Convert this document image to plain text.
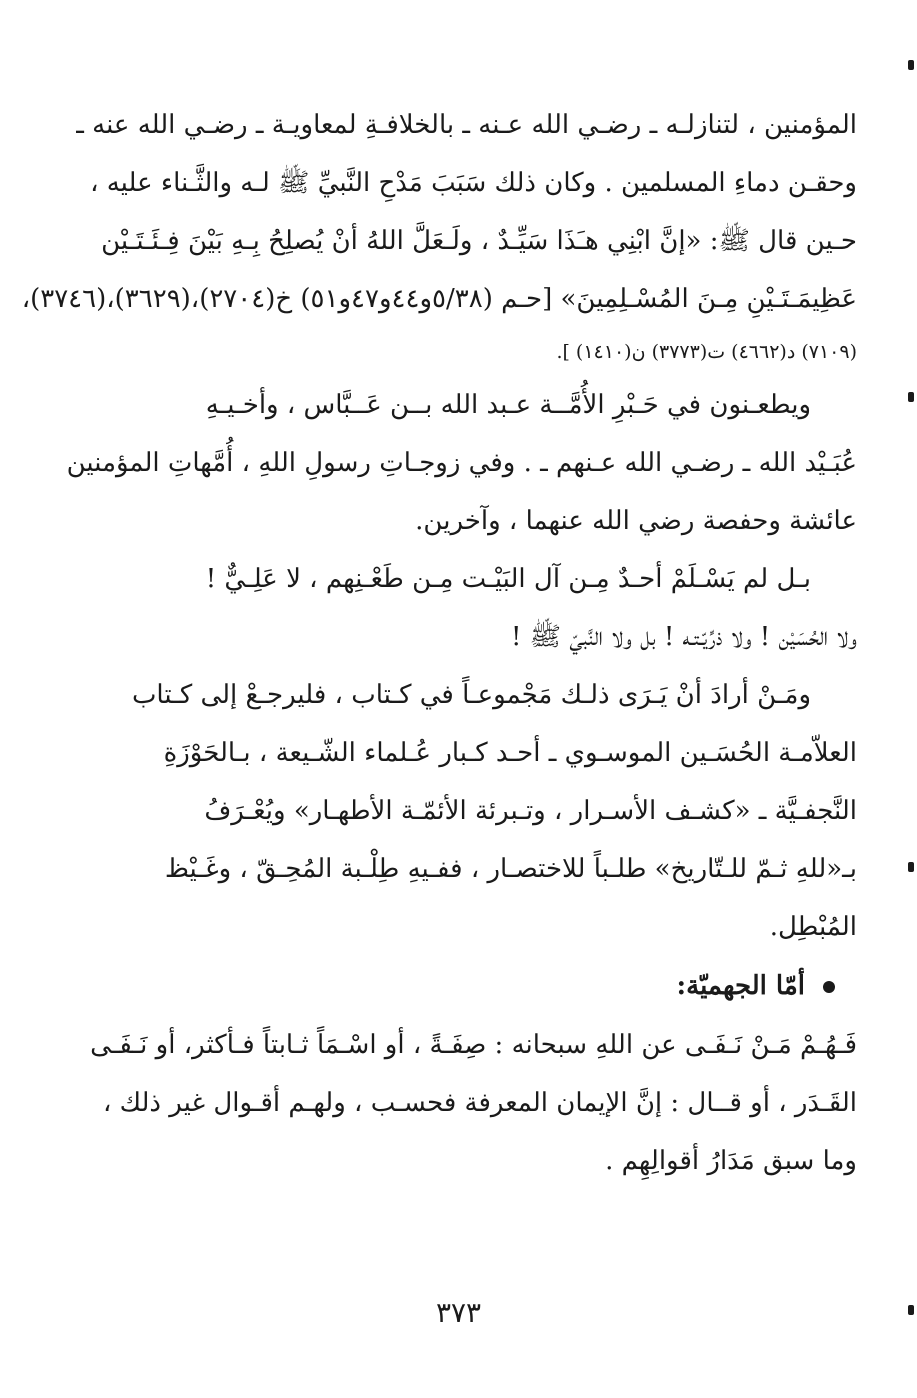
المؤمنين ، لتنازلـه ـ رضـي الله عـنه ـ بالخلافـةِ لمعاويـة ـ رضـي الله عنه ـ
وحقـن دماءِ المسلمين . وكان ذلك سَبَبَ مَدْحِ النَّبيِّ ﷺ لـه والثَّـناء عليه ،
حـين قال ﷺ: «إنَّ ابْنِي هـَذَا سَيِّـدٌ ، ولَـعَلَّ اللهُ أنْ يُصلِحُ بِـهِ بَيْنَ فِـئَـتَـيْن
عَظِيمَـتَـيْنِ مِـنَ المُسْـلِمِينَ» [حـم (٥/٣٨و٤٤و٤٧و٥١) خ(٢٧٠٤)،(٣٦٢٩)،(٣٧٤٦)،
(٧١٠٩) د(٤٦٦٢) ت(٣٧٧٣) ن(١٤١٠) ].
ويطعـنون في حَـبْرِ الأُمَّــة عـبد الله بــن عَــبَّاس ، وأخـيـهِ
عُبَـيْد الله ـ رضـي الله عـنهم ـ . وفي زوجـاتِ رسولِ اللهِ ، أُمَّهاتِ المؤمنين
عائشة وحفصة رضي الله عنهما ، وآخرين.
بـل لم يَسْـلَمْ أحـدٌ مِـن آل البَيْـت مِـن طَعْـنِهم ، لا عَلِـيٌّ !
ولا الحُسَيْن ! ولا ذرِّيّـتـه ! بل ولا النَّبيّ ﷺ !
ومَـنْ أرادَ أنْ يَـرَى ذلـك مَجْموعـاً في كـتاب ، فليرجـعْ إلى كـتاب
العلاّمـة الحُسَـين الموسـوي ـ أحـد كـبار عُـلماء الشّـيعة ، بـالحَوْزَةِ
النَّجفـيَّة ـ «كشـف الأسـرار ، وتـبرئة الأئمّـة الأطهـار» ويُعْـرَفُ
بـ«للهِ ثـمّ للـتّاريخ» طلـباً للاختصـار ، ففـيهِ طِلْـبة المُحِـقّ ، وغَـيْظ
المُبْطِل.
أمّا الجهميّة:
فَـهُـمْ مَـنْ نَـفَـى عن اللهِ سبحانه : صِفَـةً ، أو اسْـمَاً ثـابتاً فـأكثر، أو نَـفَـى
القَـدَر ، أو قــال : إنَّ الإيمان المعرفة فحسـب ، ولهـم أقـوال غير ذلك ،
وما سبق مَدَارُ أقوالِهِم .
٣٧٣
